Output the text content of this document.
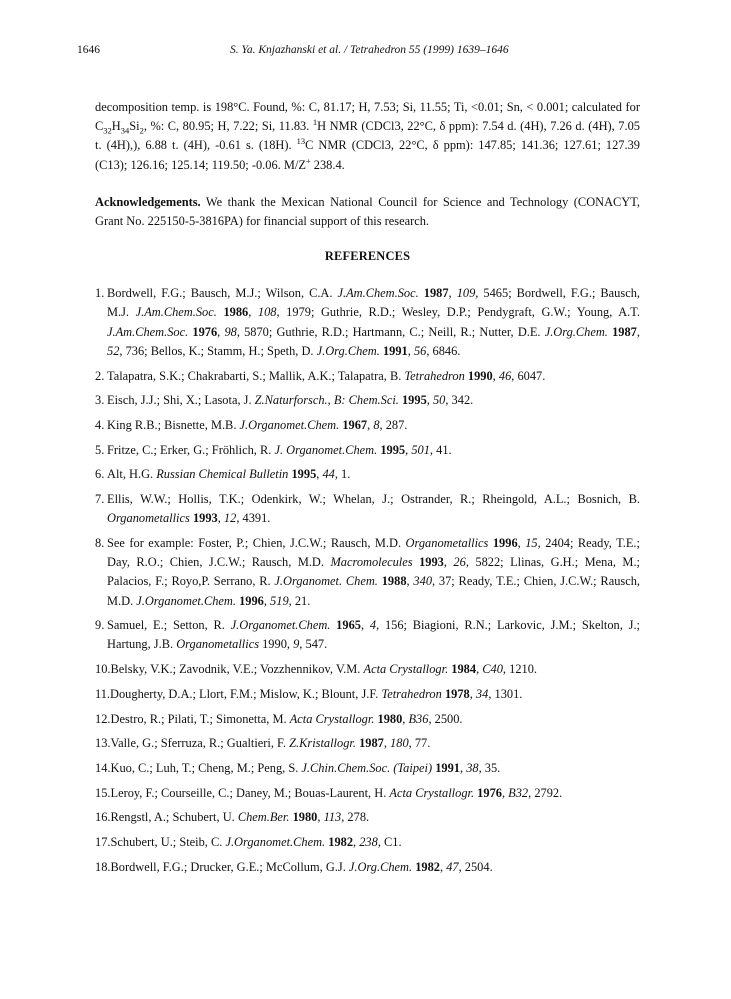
1646	S. Ya. Knjazhanski et al. / Tetrahedron 55 (1999) 1639–1646
decomposition temp. is 198°C. Found, %: C, 81.17; H, 7.53; Si, 11.55; Ti, <0.01; Sn, < 0.001; calculated for $C_{32}H_{34}Si_2$, %: C, 80.95; H, 7.22; Si, 11.83. $^1$H NMR (CDCl3, 22°C, δ ppm): 7.54 d. (4H), 7.26 d. (4H), 7.05 t. (4H),), 6.88 t. (4H), -0.61 s. (18H). $^{13}$C NMR (CDCl3, 22°C, δ ppm): 147.85; 141.36; 127.61; 127.39 (C13); 126.16; 125.14; 119.50; -0.06. M/Z+ 238.4.
Acknowledgements. We thank the Mexican National Council for Science and Technology (CONACYT, Grant No. 225150-5-3816PA) for financial support of this research.
REFERENCES
1. Bordwell, F.G.; Bausch, M.J.; Wilson, C.A. J.Am.Chem.Soc. 1987, 109, 5465; Bordwell, F.G.; Bausch, M.J. J.Am.Chem.Soc. 1986, 108, 1979; Guthrie, R.D.; Wesley, D.P.; Pendygraft, G.W.; Young, A.T. J.Am.Chem.Soc. 1976, 98, 5870; Guthrie, R.D.; Hartmann, C.; Neill, R.; Nutter, D.E. J.Org.Chem. 1987, 52, 736; Bellos, K.; Stamm, H.; Speth, D. J.Org.Chem. 1991, 56, 6846.
2. Talapatra, S.K.; Chakrabarti, S.; Mallik, A.K.; Talapatra, B. Tetrahedron 1990, 46, 6047.
3. Eisch, J.J.; Shi, X.; Lasota, J. Z.Naturforsch., B: Chem.Sci. 1995, 50, 342.
4. King R.B.; Bisnette, M.B. J.Organomet.Chem. 1967, 8, 287.
5. Fritze, C.; Erker, G.; Fröhlich, R. J. Organomet.Chem. 1995, 501, 41.
6. Alt, H.G. Russian Chemical Bulletin 1995, 44, 1.
7. Ellis, W.W.; Hollis, T.K.; Odenkirk, W.; Whelan, J.; Ostrander, R.; Rheingold, A.L.; Bosnich, B. Organometallics 1993, 12, 4391.
8. See for example: Foster, P.; Chien, J.C.W.; Rausch, M.D. Organometallics 1996, 15, 2404; Ready, T.E.; Day, R.O.; Chien, J.C.W.; Rausch, M.D. Macromolecules 1993, 26, 5822; Llinas, G.H.; Mena, M.; Palacios, F.; Royo,P. Serrano, R. J.Organomet. Chem. 1988, 340, 37; Ready, T.E.; Chien, J.C.W.; Rausch, M.D. J.Organomet.Chem. 1996, 519, 21.
9. Samuel, E.; Setton, R. J.Organomet.Chem. 1965, 4, 156; Biagioni, R.N.; Larkovic, J.M.; Skelton, J.; Hartung, J.B. Organometallics 1990, 9, 547.
10.Belsky, V.K.; Zavodnik, V.E.; Vozzhennikov, V.M. Acta Crystallogr. 1984, C40, 1210.
11.Dougherty, D.A.; Llort, F.M.; Mislow, K.; Blount, J.F. Tetrahedron 1978, 34, 1301.
12.Destro, R.; Pilati, T.; Simonetta, M. Acta Crystallogr. 1980, B36, 2500.
13.Valle, G.; Sferruza, R.; Gualtieri, F. Z.Kristallogr. 1987, 180, 77.
14.Kuo, C.; Luh, T.; Cheng, M.; Peng, S. J.Chin.Chem.Soc. (Taipei) 1991, 38, 35.
15.Leroy, F.; Courseille, C.; Daney, M.; Bouas-Laurent, H. Acta Crystallogr. 1976, B32, 2792.
16.Rengstl, A.; Schubert, U. Chem.Ber. 1980, 113, 278.
17.Schubert, U.; Steib, C. J.Organomet.Chem. 1982, 238, C1.
18.Bordwell, F.G.; Drucker, G.E.; McCollum, G.J. J.Org.Chem. 1982, 47, 2504.
